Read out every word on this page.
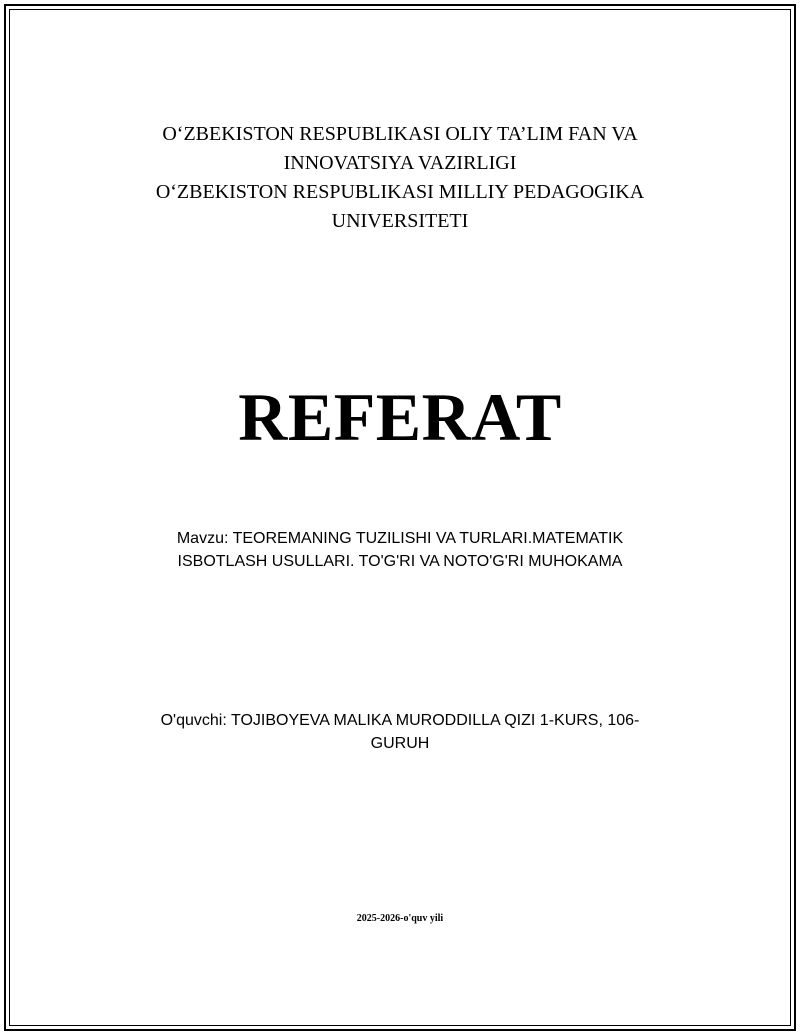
O‘ZBEKISTON RESPUBLIKASI OLIY TA’LIM FAN VA
INNOVATSIYA VAZIRLIGI
O‘ZBEKISTON RESPUBLIKASI MILLIY PEDAGOGIKA
UNIVERSITETI
REFERAT
Mavzu: TEOREMANING TUZILISHI VA TURLARI.MATEMATIK
ISBOTLASH USULLARI. TO'G'RI VA NOTO'G'RI MUHOKAMA
O'quvchi: TOJIBOYEVA MALIKA MURODDILLA QIZI 1-KURS, 106-
GURUH
2025-2026-o'quv yili
